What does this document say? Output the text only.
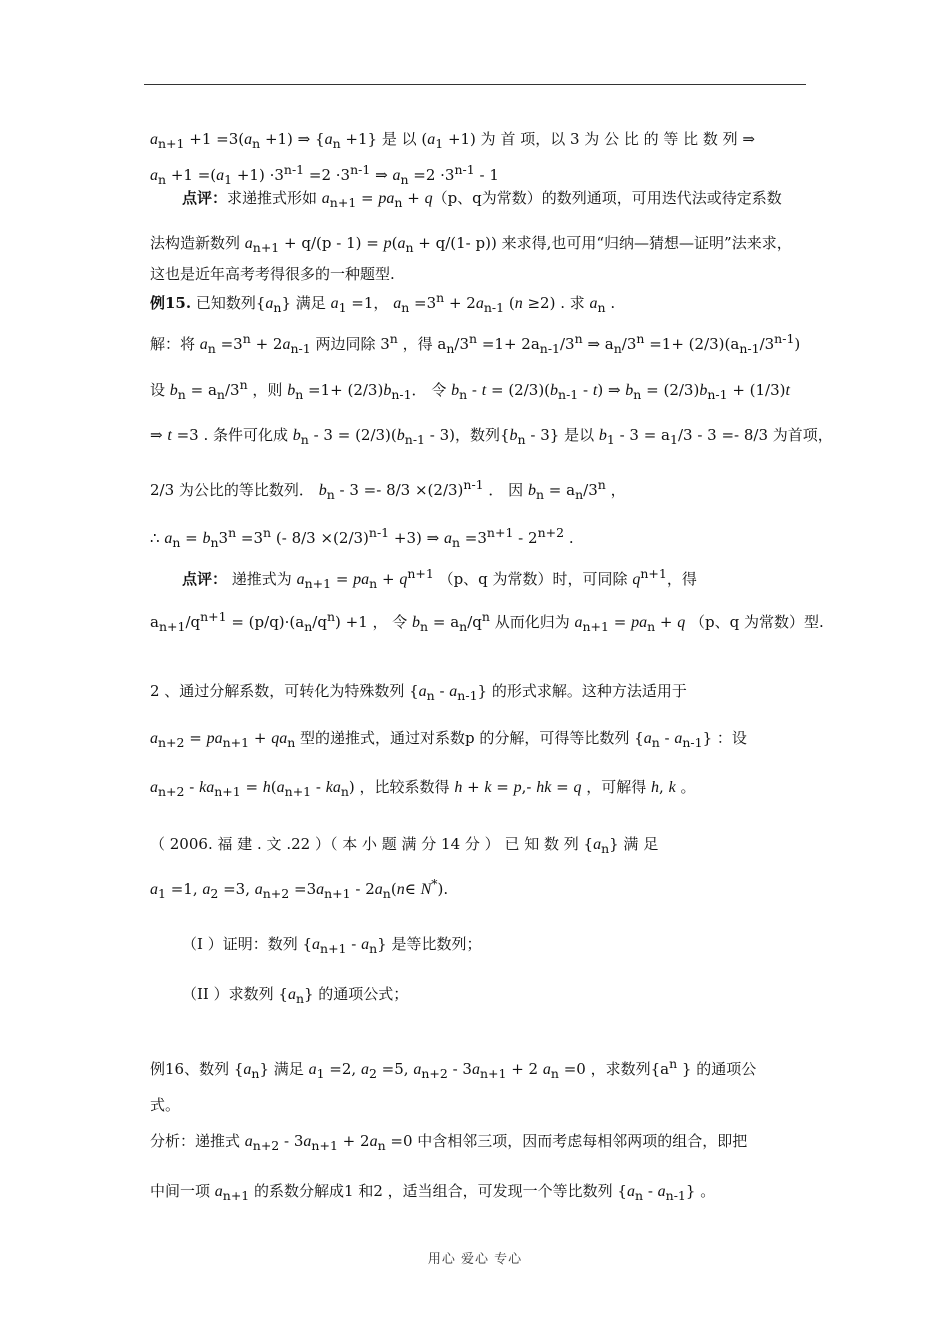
$a_{n+1} +1 =3(a_n +1)$ ⇒ $\{a_n +1\}$ 是 以 $(a_1 +1)$ 为 首 项，以 3 为 公 比 的 等 比 数 列 ⇒
$a_n +1 =(a_1 +1) \cdot 3^{n-1} =2 \cdot 3^{n-1}$ ⇒ $a_n =2 \cdot 3^{n-1} - 1$
点评：求递推式形如 $a_{n+1} = pa_n + q(p$、q为常数）的数列通项，可用迭代法或待定系数
法构造新数列 $a_{n+1} + q/(p - 1) = p(a_n + q/(1-$ p)) 来求得,也可用“归纳—猜想—证明”法来求，
这也是近年高考考得很多的一种题型.
例15. 已知数列$\{a_n\}$ 满足 $a_1 =1$， $a_n =3^n + 2a_{n-1}$ (n ≥2) . 求 $a_n$ .
解：将 $a_n =3^n + 2a_{n-1}$ 两边同除 3$^n$ ，得 $a_n/3^n =1+ 2a_{n-1}/3^n$ ⇒ $a_n/3^n =1+ (2/3)(a_{n-1}/3^{n-1})$
设 $b_n = a_n/3^n$ ，则 $b_n =1+ (2/3)b_{n-1}$． 令 $b_n - t = (2/3)(b_{n-1} - t)$ ⇒ $b_n = (2/3)b_{n-1} + (1/3)t$
⇒ t =3 . 条件可化成 $b_n - 3 = (2/3)(b_{n-1} - 3)$，数列$\{b_n - 3\}$ 是以 $b_1 - 3 = a_1/3 - 3 =- 8/3$ 为首项，
2/3 为公比的等比数列． $b_n - 3 =- 8/3 \times(2/3)^{n-1}$ ． 因 $b_n = a_n/3^n$ ，
∴ $a_n = b_n3^n =3^n$ (- $8/3 \times(2/3)^{n-1} +3$) ⇒ $a_n =3^{n+1} - 2^{n+2}$ .
点评： 递推式为 $a_{n+1} = pa_n + q^{n+1}$ （p、q 为常数）时，可同除 $q^{n+1}$，得
$a_{n+1}/q^{n+1} = (p/q)\cdot(a_n/q^n) +1$ ， 令 $b_n = a_n/q^n$ 从而化归为 $a_{n+1} = pa_n + q$ （p、q 为常数）型.
2 、通过分解系数，可转化为特殊数列 $\{a_n - a_{n-1}\}$ 的形式求解。这种方法适用于
$a_{n+2} = pa_{n+1} + qa_n$ 型的递推式，通过对系数p 的分解，可得等比数列 $\{a_n - a_{n-1}\}$ ：设
$a_{n+2} - ka_{n+1} = h(a_{n+1} - ka_n)$ ，比较系数得 h + k = p,- hk = q ，可解得 h, k 。
（ 2006. 福 建 . 文 .22 ）（ 本 小 题 满 分 14 分 ） 已 知 数 列 $\{a_n\}$ 满 足
$a_1 =1$, $a_2 =3$, $a_{n+2} =3a_{n+1}$ - $2a_n(n\in$ N*).
（I ）证明：数列 $\{a_{n+1} - a_n\}$ 是等比数列；
（II ）求数列 $\{a_n\}$ 的通项公式；
例16、数列 $\{a_n\}$ 满足 $a_1 =2$, $a_2 =5$, $a_{n+2} - 3a_{n+1} + 2$ $a_n =0$ ，求数列{$a^n$ } 的通项公
式。
分析：递推式 $a_{n+2} - 3a_{n+1} + 2a_n =0$ 中含相邻三项，因而考虑每相邻两项的组合，即把
中间一项 $a_{n+1}$ 的系数分解成1 和2 ，适当组合，可发现一个等比数列 $\{a_n - a_{n-1}\}$ 。
用心 爱心 专心
